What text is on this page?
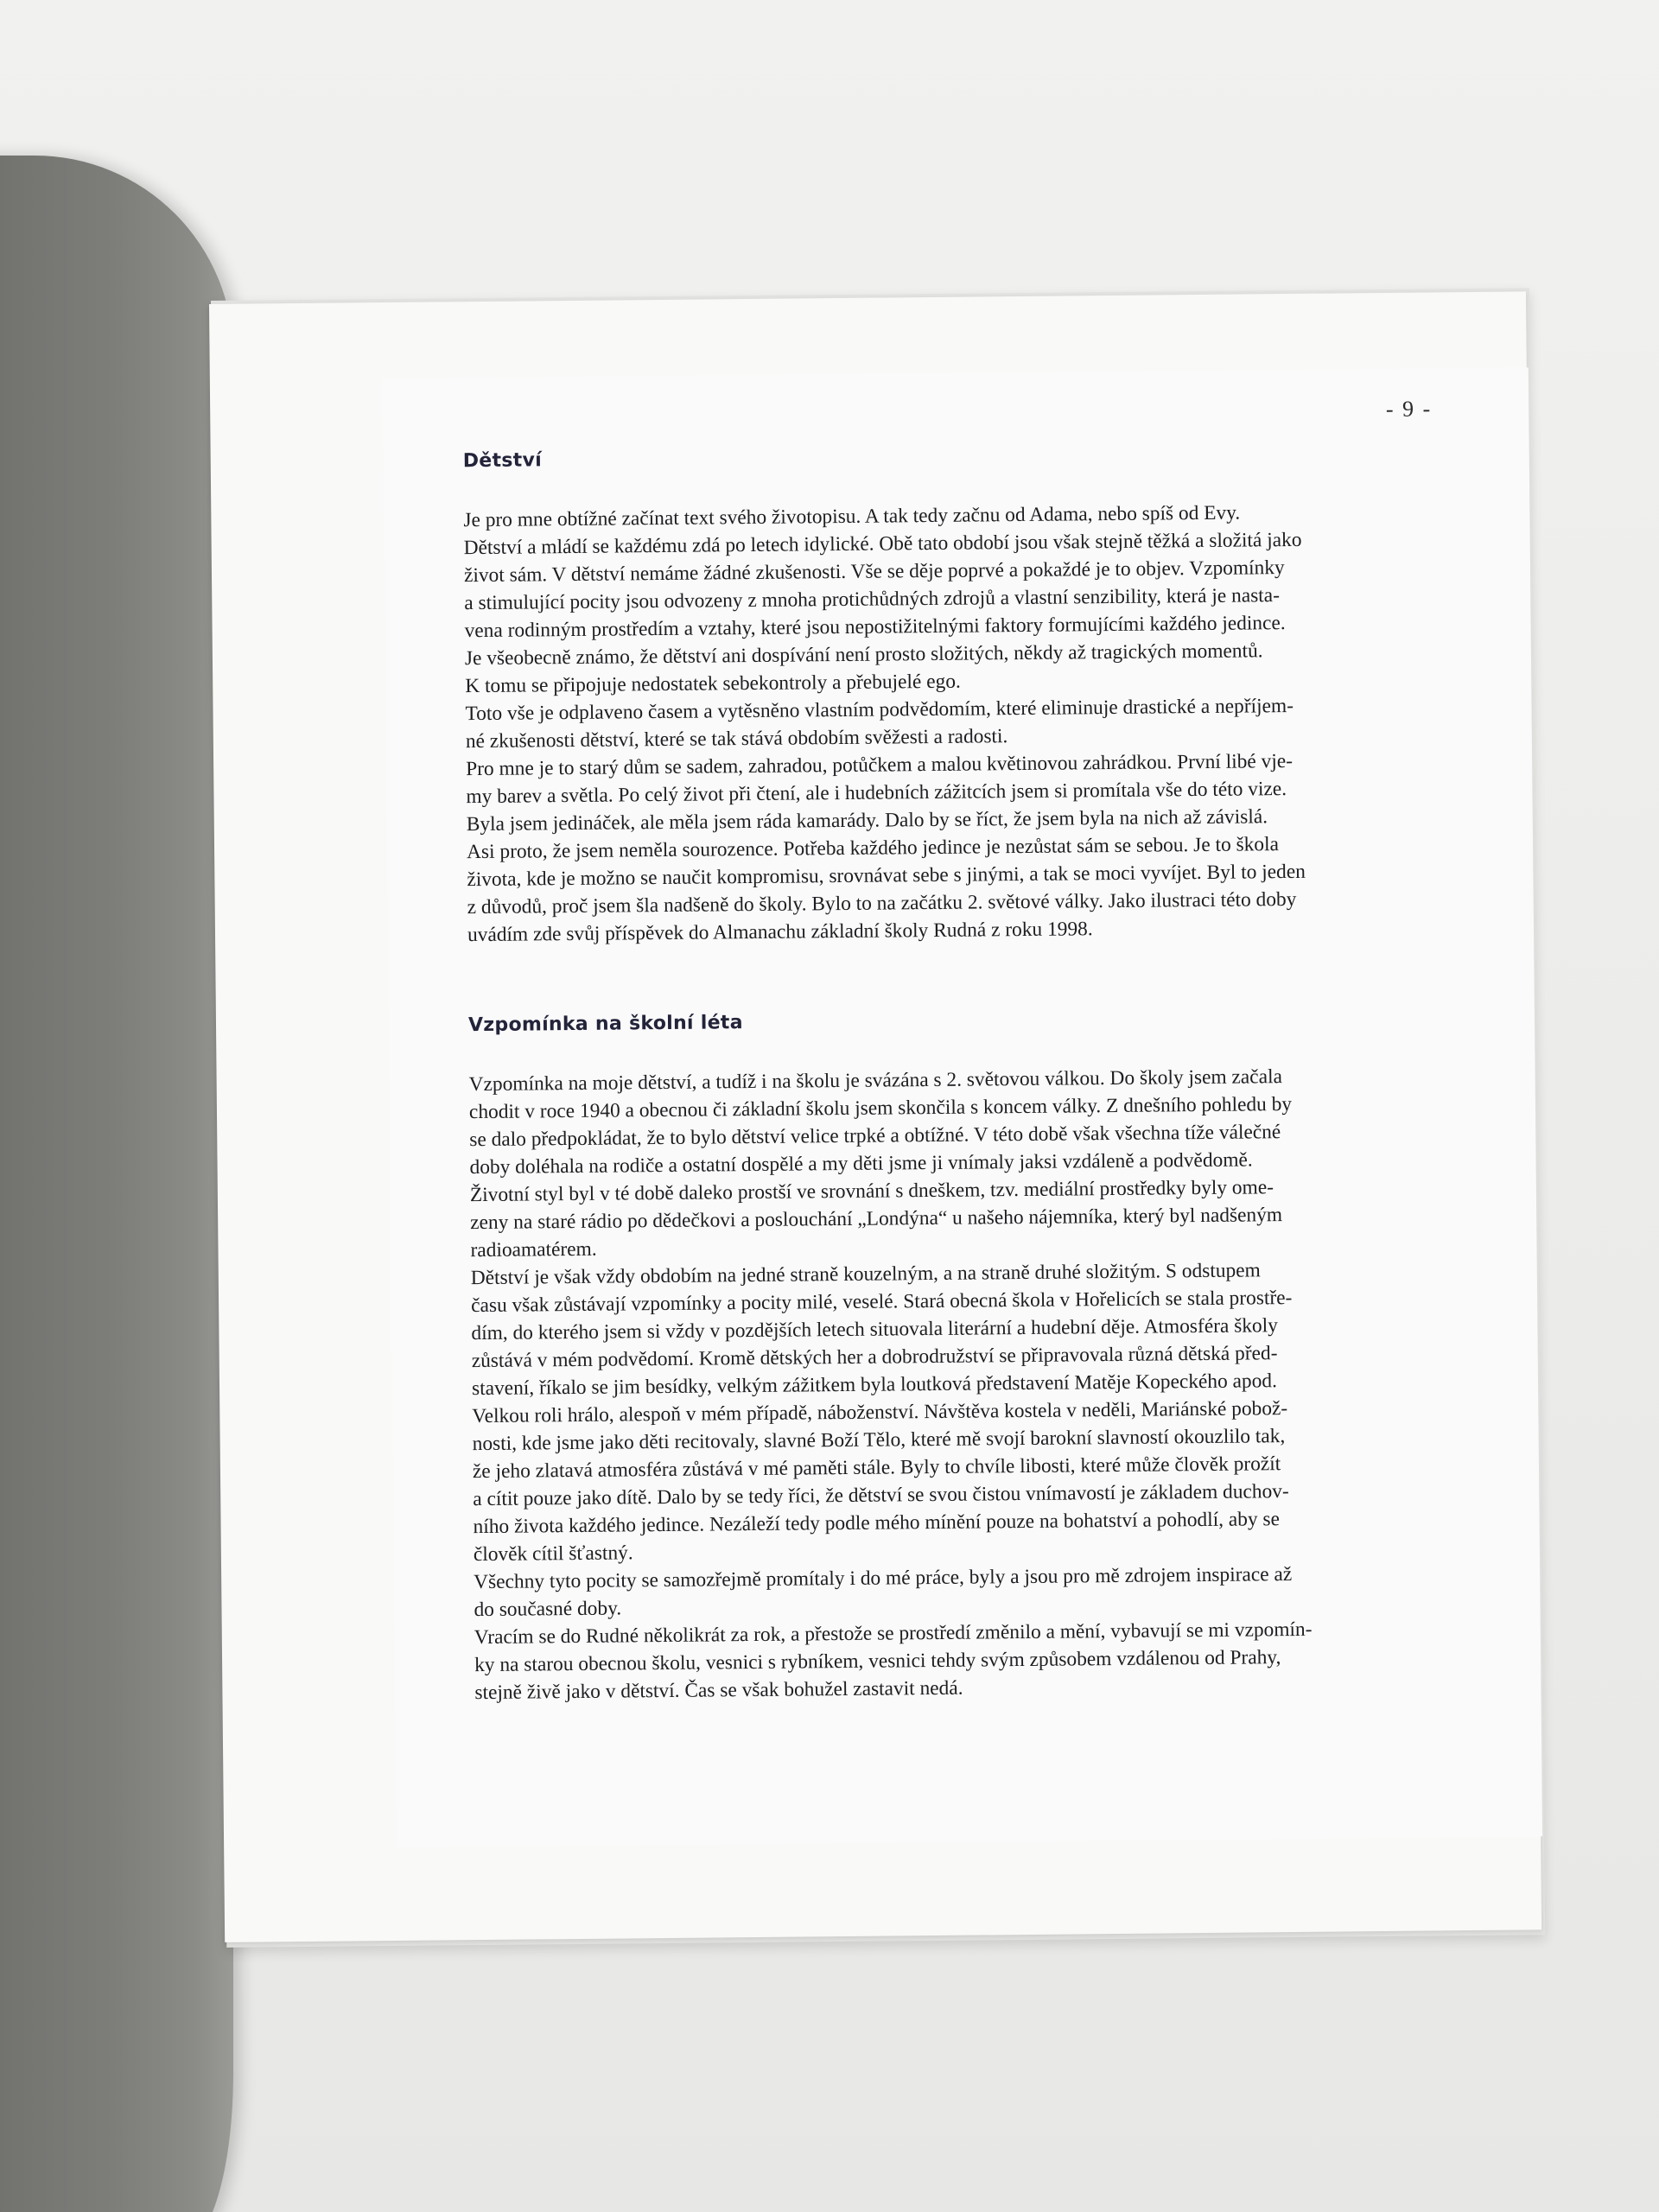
- 9 -
Dětství

Je pro mne obtížné začínat text svého životopisu. A tak tedy začnu od Adama, nebo spíš od Evy.

Dětství a mládí se každému zdá po letech idylické. Obě tato období jsou však stejně těžká a složitá jako

život sám. V dětství nemáme žádné zkušenosti. Vše se děje poprvé a pokaždé je to objev. Vzpomínky

a stimulující pocity jsou odvozeny z mnoha protichůdných zdrojů a vlastní senzibility, která je nasta-

vena rodinným prostředím a vztahy, které jsou nepostižitelnými faktory formujícími každého jedince.

Je všeobecně známo, že dětství ani dospívání není prosto složitých, někdy až tragických momentů.

K tomu se připojuje nedostatek sebekontroly a přebujelé ego.

Toto vše je odplaveno časem a vytěsněno vlastním podvědomím, které eliminuje drastické a nepříjem-

né zkušenosti dětství, které se tak stává obdobím svěžesti a radosti.

Pro mne je to starý dům se sadem, zahradou, potůčkem a malou květinovou zahrádkou. První libé vje-

my barev a světla. Po celý život při čtení, ale i hudebních zážitcích jsem si promítala vše do této vize.

Byla jsem jedináček, ale měla jsem ráda kamarády. Dalo by se říct, že jsem byla na nich až závislá.

Asi proto, že jsem neměla sourozence. Potřeba každého jedince je nezůstat sám se sebou. Je to škola

života, kde je možno se naučit kompromisu, srovnávat sebe s jinými, a tak se moci vyvíjet. Byl to jeden

z důvodů, proč jsem šla nadšeně do školy. Bylo to na začátku 2. světové války. Jako ilustraci této doby

uvádím zde svůj příspěvek do Almanachu základní školy Rudná z roku 1998.

Vzpomínka na školní léta

Vzpomínka na moje dětství, a tudíž i na školu je svázána s 2. světovou válkou. Do školy jsem začala

chodit v roce 1940 a obecnou či základní školu jsem skončila s koncem války. Z dnešního pohledu by

se dalo předpokládat, že to bylo dětství velice trpké a obtížné. V této době však všechna tíže válečné

doby doléhala na rodiče a ostatní dospělé a my děti jsme ji vnímaly jaksi vzdáleně a podvědomě.

Životní styl byl v té době daleko prostší ve srovnání s dneškem, tzv. mediální prostředky byly ome-

zeny na staré rádio po dědečkovi a poslouchání „Londýna“ u našeho nájemníka, který byl nadšeným

radioamatérem.

Dětství je však vždy obdobím na jedné straně kouzelným, a na straně druhé složitým. S odstupem

času však zůstávají vzpomínky a pocity milé, veselé. Stará obecná škola v Hořelicích se stala prostře-

dím, do kterého jsem si vždy v pozdějších letech situovala literární a hudební děje. Atmosféra školy

zůstává v mém podvědomí. Kromě dětských her a dobrodružství se připravovala různá dětská před-

stavení, říkalo se jim besídky, velkým zážitkem byla loutková představení Matěje Kopeckého apod.

Velkou roli hrálo, alespoň v mém případě, náboženství. Návštěva kostela v neděli, Mariánské pobož-

nosti, kde jsme jako děti recitovaly, slavné Boží Tělo, které mě svojí barokní slavností okouzlilo tak,

že jeho zlatavá atmosféra zůstává v mé paměti stále. Byly to chvíle libosti, které může člověk prožít

a cítit pouze jako dítě. Dalo by se tedy říci, že dětství se svou čistou vnímavostí je základem duchov-

ního života každého jedince. Nezáleží tedy podle mého mínění pouze na bohatství a pohodlí, aby se

člověk cítil šťastný.

Všechny tyto pocity se samozřejmě promítaly i do mé práce, byly a jsou pro mě zdrojem inspirace až

do současné doby.

Vracím se do Rudné několikrát za rok, a přestože se prostředí změnilo a mění, vybavují se mi vzpomín-

ky na starou obecnou školu, vesnici s rybníkem, vesnici tehdy svým způsobem vzdálenou od Prahy,

stejně živě jako v dětství. Čas se však bohužel zastavit nedá.
